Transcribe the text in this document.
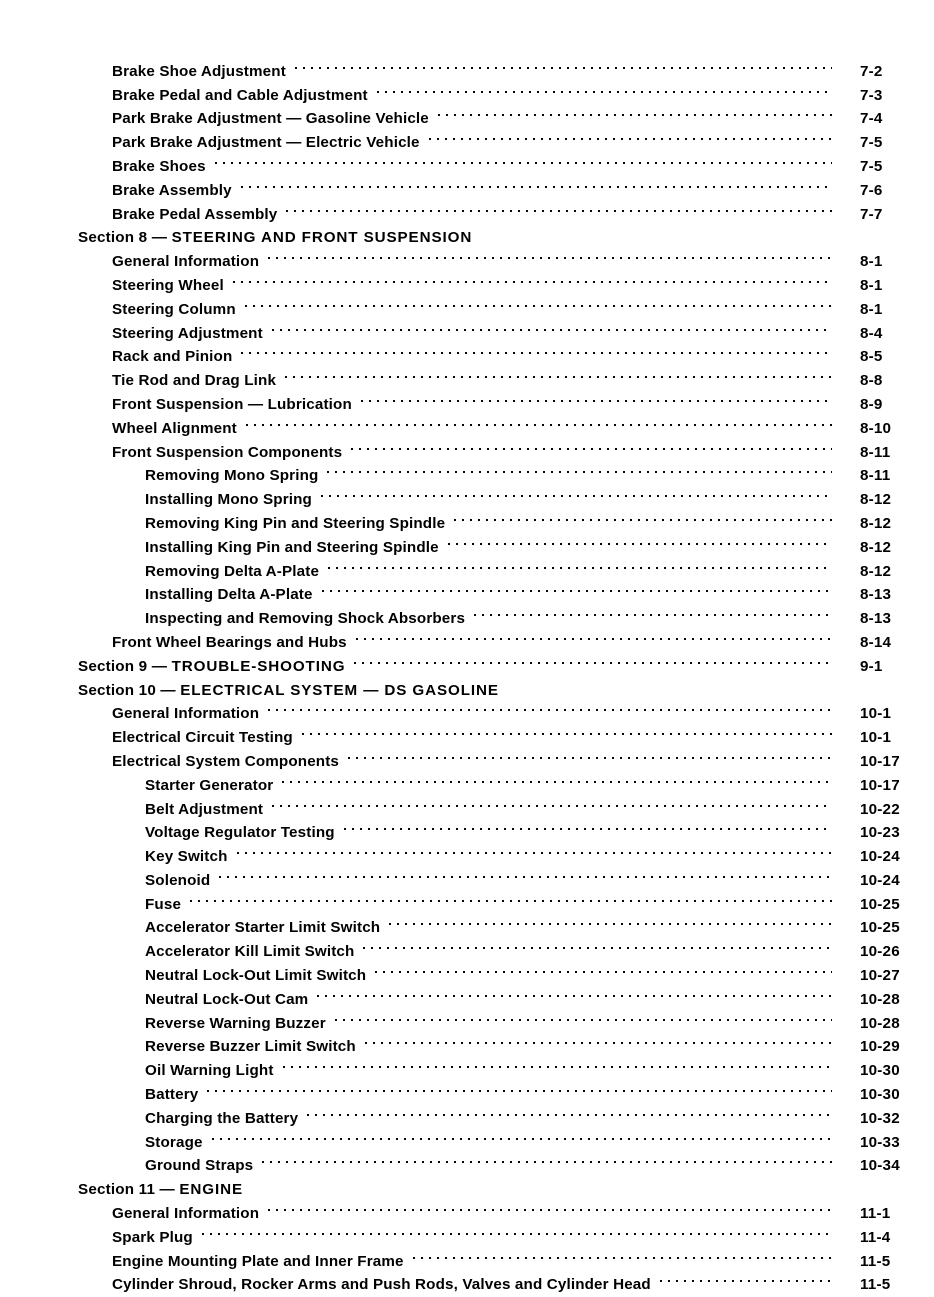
Brake Shoe Adjustment	7-2
Brake Pedal and Cable Adjustment	7-3
Park Brake Adjustment — Gasoline Vehicle	7-4
Park Brake Adjustment — Electric Vehicle	7-5
Brake Shoes	7-5
Brake Assembly	7-6
Brake Pedal Assembly	7-7
Section 8 — STEERING AND FRONT SUSPENSION
General Information	8-1
Steering Wheel	8-1
Steering Column	8-1
Steering Adjustment	8-4
Rack and Pinion	8-5
Tie Rod and Drag Link	8-8
Front Suspension — Lubrication	8-9
Wheel Alignment	8-10
Front Suspension Components	8-11
Removing Mono Spring	8-11
Installing Mono Spring	8-12
Removing King Pin and Steering Spindle	8-12
Installing King Pin and Steering Spindle	8-12
Removing Delta A-Plate	8-12
Installing Delta A-Plate	8-13
Inspecting and Removing Shock Absorbers	8-13
Front Wheel Bearings and Hubs	8-14
Section 9 — TROUBLE-SHOOTING	9-1
Section 10 — ELECTRICAL SYSTEM — DS GASOLINE
General Information	10-1
Electrical Circuit Testing	10-1
Electrical System Components	10-17
Starter Generator	10-17
Belt Adjustment	10-22
Voltage Regulator Testing	10-23
Key Switch	10-24
Solenoid	10-24
Fuse	10-25
Accelerator Starter Limit Switch	10-25
Accelerator Kill Limit Switch	10-26
Neutral Lock-Out Limit Switch	10-27
Neutral Lock-Out Cam	10-28
Reverse Warning Buzzer	10-28
Reverse Buzzer Limit Switch	10-29
Oil Warning Light	10-30
Battery	10-30
Charging the Battery	10-32
Storage	10-33
Ground Straps	10-34
Section 11 — ENGINE
General Information	11-1
Spark Plug	11-4
Engine Mounting Plate and Inner Frame	11-5
Cylinder Shroud, Rocker Arms and Push Rods, Valves and Cylinder Head	11-5
